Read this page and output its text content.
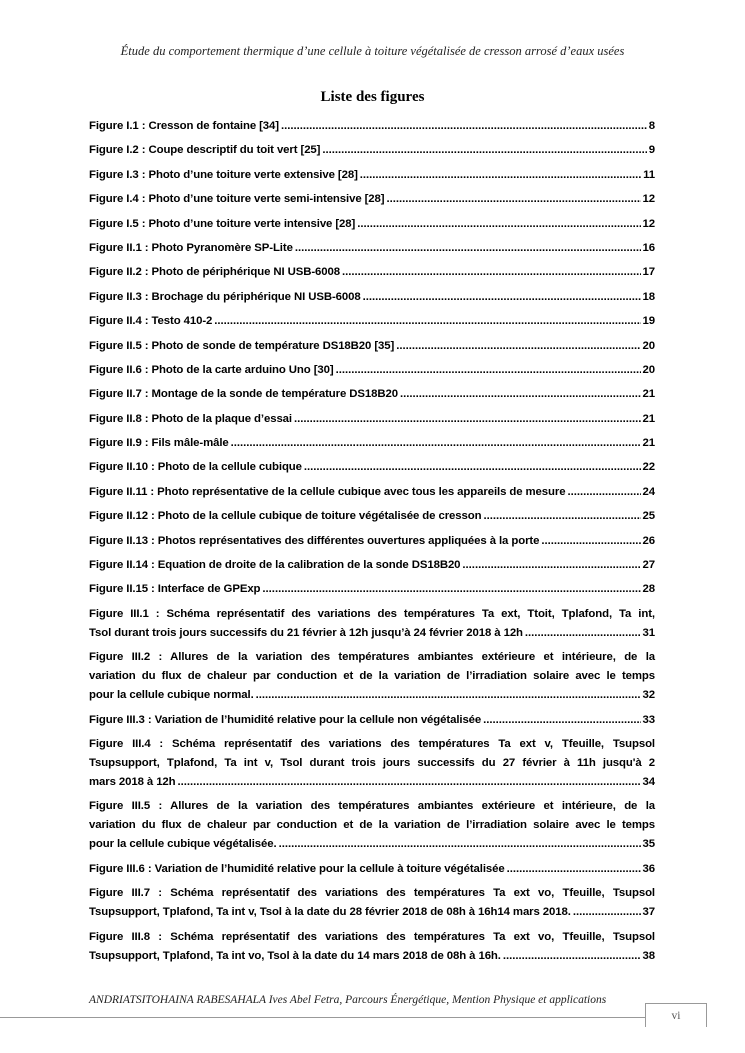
Étude du comportement thermique d’une cellule à toiture végétalisée de cresson arrosé d’eaux usées
Liste des figures
Figure I.1 : Cresson de fontaine [34] . . .	8
Figure I.2 : Coupe descriptif du toit vert [25] . . .	9
Figure I.3 : Photo d’une toiture verte extensive [28] . . .	11
Figure I.4 : Photo d’une toiture verte semi-intensive [28] . . .	12
Figure I.5 : Photo d’une toiture verte intensive [28] . . .	12
Figure II.1 : Photo Pyranomère SP-Lite . . .	16
Figure II.2 : Photo de périphérique NI USB-6008 . . .	17
Figure II.3 : Brochage du périphérique NI USB-6008 . . .	18
Figure II.4 : Testo 410-2 . . .	19
Figure II.5 : Photo de sonde de température DS18B20 [35] . . .	20
Figure II.6 : Photo de la carte arduino Uno [30] . . .	20
Figure II.7 : Montage de la sonde de température DS18B20 . . .	21
Figure II.8 : Photo de la plaque d’essai . . .	21
Figure II.9 : Fils mâle-mâle . . .	21
Figure II.10 : Photo de la cellule cubique . . .	22
Figure II.11 : Photo représentative de la cellule cubique avec tous les appareils de mesure . . .	24
Figure II.12 : Photo de la cellule cubique de toiture végétalisée de cresson . . .	25
Figure II.13 : Photos représentatives des différentes ouvertures appliquées à la porte . . .	26
Figure II.14 : Equation de droite de la calibration de la sonde DS18B20 . . .	27
Figure II.15 : Interface de GPExp . . .	28
Figure III.1 : Schéma représentatif des variations des températures Ta ext, Ttoit, Tplafond, Ta int,
Tsol durant trois jours successifs du 21 février à 12h jusqu’à 24 février 2018 à 12h . . .	31
Figure III.2 : Allures de la variation des températures ambiantes extérieure et intérieure, de la
variation du flux de chaleur par conduction et de la variation de l’irradiation solaire avec le temps
pour la cellule cubique normal. . . .	32
Figure III.3 : Variation de l’humidité relative pour la cellule non végétalisée . . .	33
Figure III.4 : Schéma représentatif des variations des températures Ta ext v, Tfeuille, Tsupsol
Tsupsupport, Tplafond, Ta int v, Tsol durant trois jours successifs du 27 février à 11h jusqu'à 2
mars 2018 à 12h . . .	34
Figure III.5 : Allures de la variation des températures ambiantes extérieure et intérieure, de la
variation du flux de chaleur par conduction et de la variation de l’irradiation solaire avec le temps
pour la cellule cubique végétalisée. . . .	35
Figure III.6 : Variation de l’humidité relative pour la cellule à toiture végétalisée . . .	36
Figure III.7 : Schéma représentatif des variations des températures Ta ext vo, Tfeuille, Tsupsol
Tsupsupport, Tplafond, Ta int v, Tsol à la date du 28 février 2018 de 08h à 16h14 mars 2018. . . .	37
Figure III.8 : Schéma représentatif des variations des températures Ta ext vo, Tfeuille, Tsupsol
Tsupsupport, Tplafond, Ta int vo, Tsol à la date du 14 mars 2018 de 08h à 16h. . . .	38
ANDRIATSITOHAINA RABESAHALA Ives Abel Fetra, Parcours Énergétique, Mention Physique et applications
vi
